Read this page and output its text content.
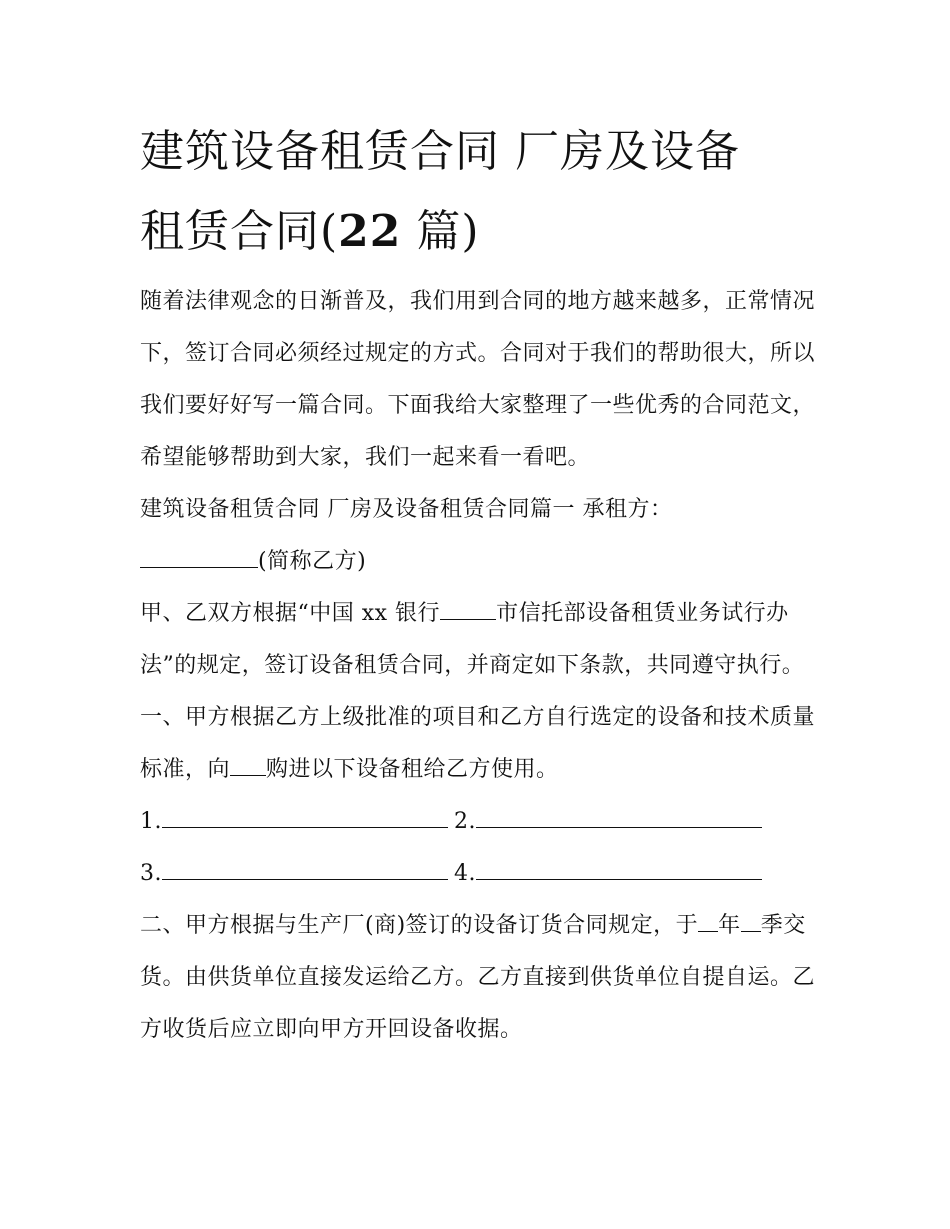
建筑设备租赁合同 厂房及设备
租赁合同(22 篇)

随着法律观念的日渐普及，我们用到合同的地方越来越多，正常情况下，签订合同必须经过规定的方式。合同对于我们的帮助很大，所以我们要好好写一篇合同。下面我给大家整理了一些优秀的合同范文，希望能够帮助到大家，我们一起来看一看吧。

建筑设备租赁合同 厂房及设备租赁合同篇一 承租方：

(简称乙方)

甲、乙双方根据“中国 xx 银行	市信托部设备租赁业务试行办法”的规定，签订设备租赁合同，并商定如下条款，共同遵守执行。

一、甲方根据乙方上级批准的项目和乙方自行选定的设备和技术质量标准，向 购进以下设备租给乙方使用。

1.	2.
3.	4.

二、甲方根据与生产厂(商)签订的设备订货合同规定，于 年 季交货。由供货单位直接发运给乙方。乙方直接到供货单位自提自运。乙方收货后应立即向甲方开回设备收据。
